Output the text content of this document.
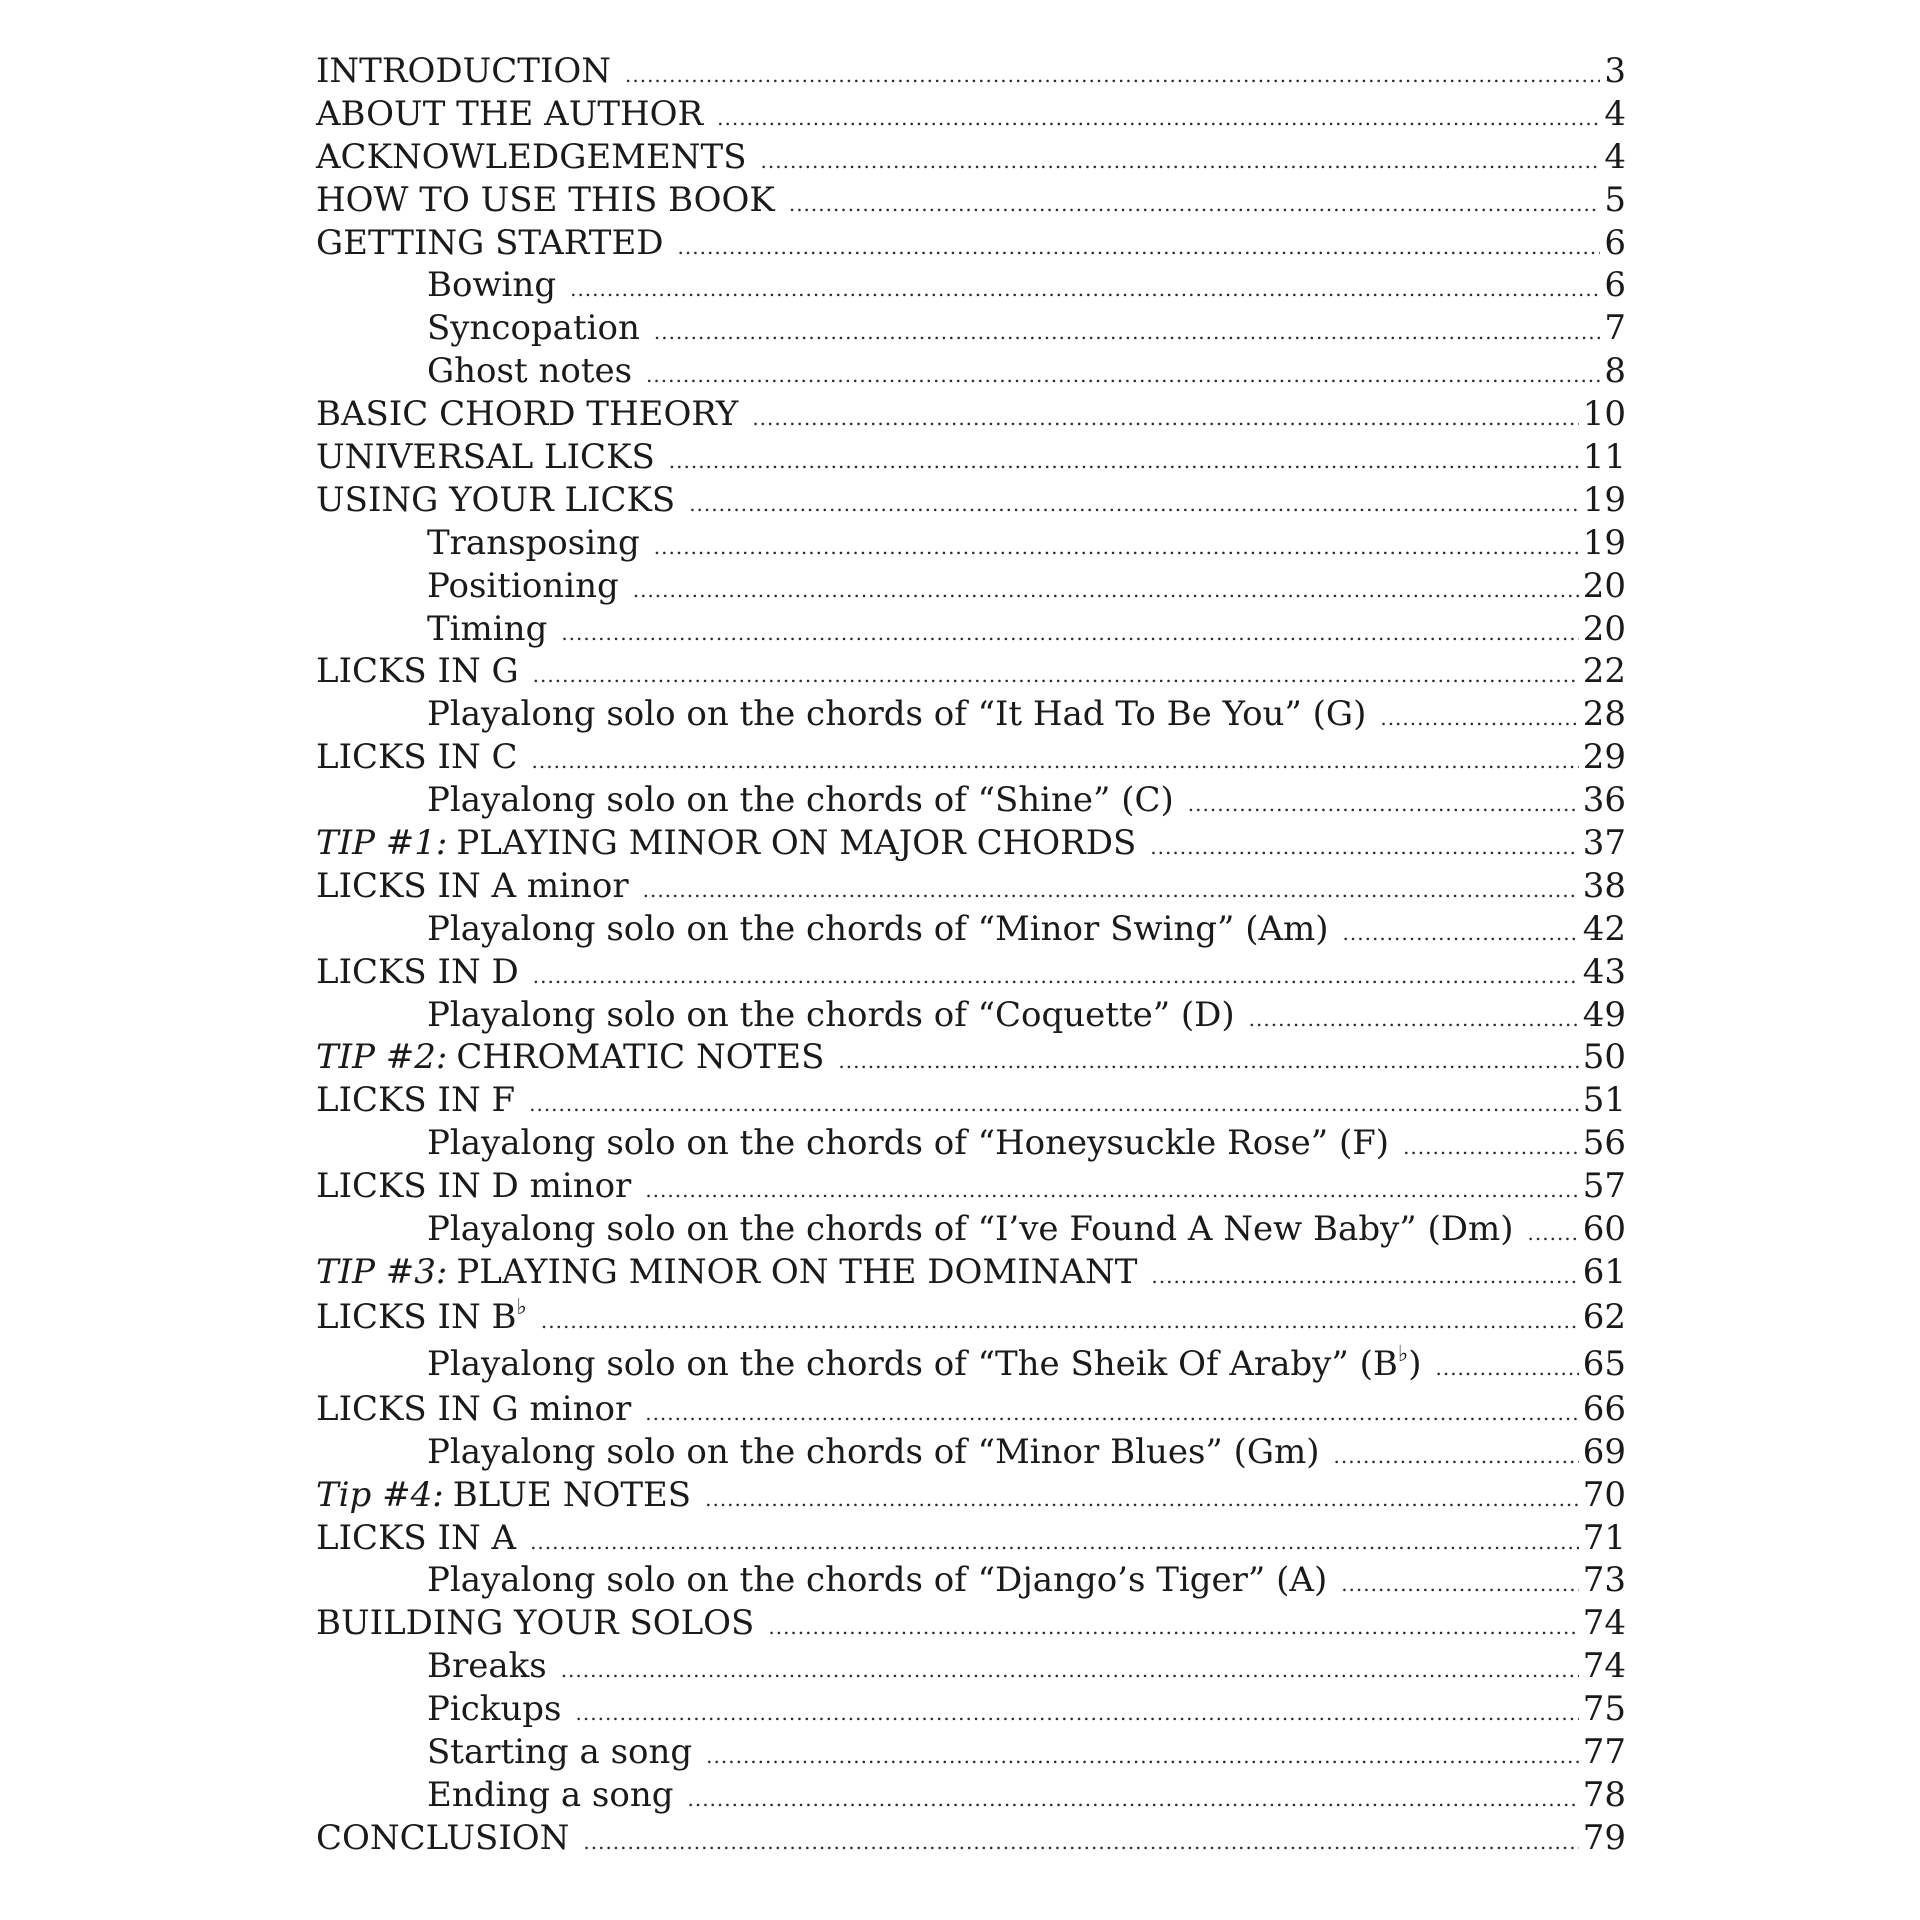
INTRODUCTION .....	3
ABOUT THE AUTHOR .....	4
ACKNOWLEDGEMENTS .....	4
HOW TO USE THIS BOOK .....	5
GETTING STARTED .....	6
Bowing .....	6
Syncopation .....	7
Ghost notes .....	8
BASIC CHORD THEORY .....	10
UNIVERSAL LICKS .....	11
USING YOUR LICKS .....	19
Transposing .....	19
Positioning .....	20
Timing .....	20
LICKS IN G .....	22
Playalong solo on the chords of “It Had To Be You” (G) .....	28
LICKS IN C .....	29
Playalong solo on the chords of “Shine” (C) .....	36
TIP #1: PLAYING MINOR ON MAJOR CHORDS .....	37
LICKS IN A minor .....	38
Playalong solo on the chords of “Minor Swing” (Am) .....	42
LICKS IN D .....	43
Playalong solo on the chords of “Coquette” (D) .....	49
TIP #2: CHROMATIC NOTES .....	50
LICKS IN F .....	51
Playalong solo on the chords of “Honeysuckle Rose” (F) .....	56
LICKS IN D minor .....	57
Playalong solo on the chords of “I’ve Found A New Baby” (Dm) ..... 60
TIP #3: PLAYING MINOR ON THE DOMINANT .....	61
LICKS IN B♭ .....	62
Playalong solo on the chords of “The Sheik Of Araby” (B♭) .....	65
LICKS IN G minor .....	66
Playalong solo on the chords of “Minor Blues” (Gm) .....	69
Tip #4: BLUE NOTES .....	70
LICKS IN A .....	71
Playalong solo on the chords of “Django’s Tiger” (A) .....	73
BUILDING YOUR SOLOS .....	74
Breaks .....	74
Pickups .....	75
Starting a song .....	77
Ending a song .....	78
CONCLUSION .....	79
